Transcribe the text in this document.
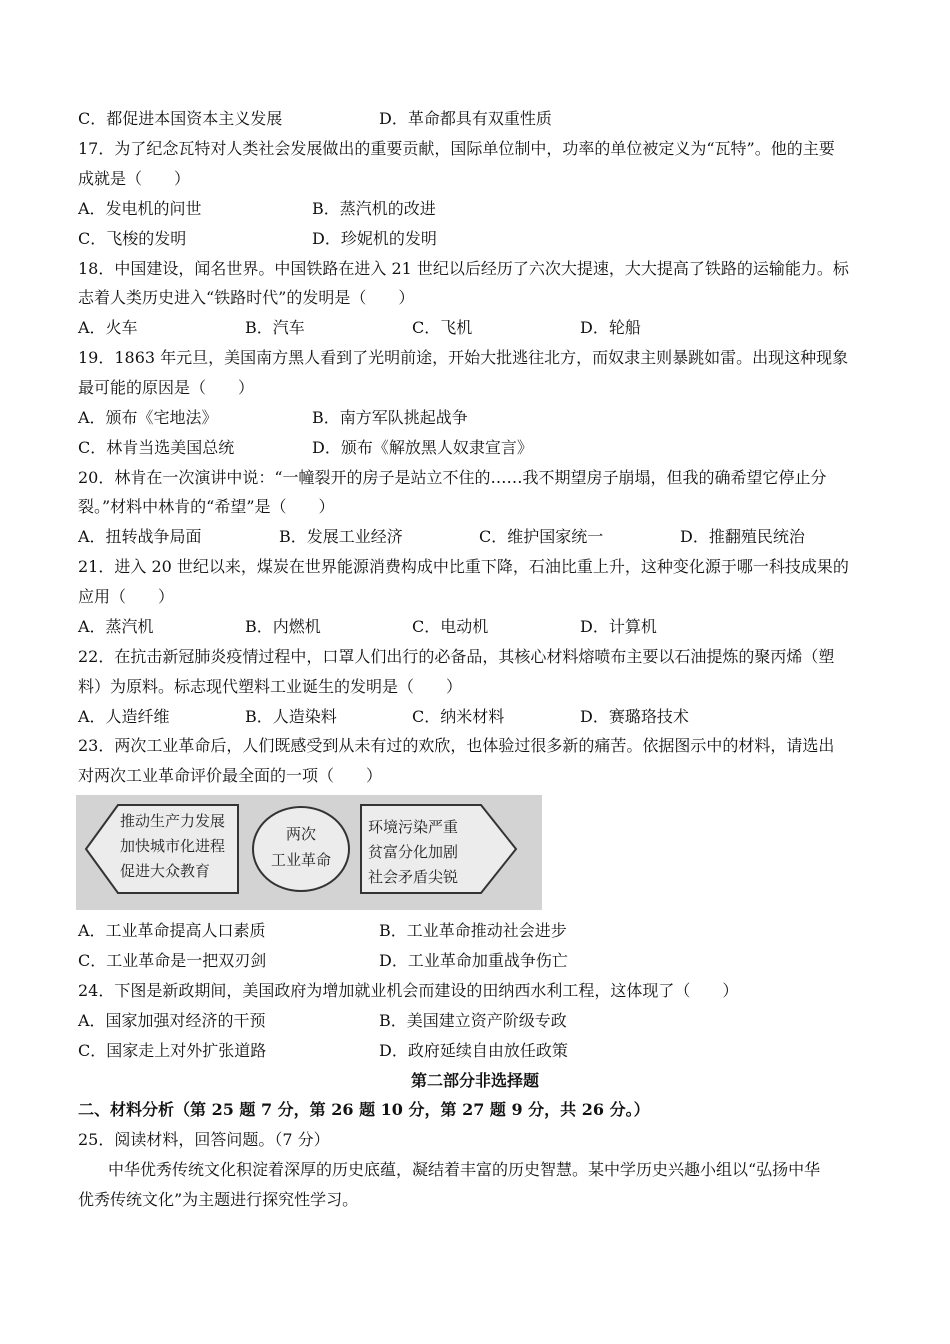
C．都促进本国资本主义发展	D．革命都具有双重性质
17．为了纪念瓦特对人类社会发展做出的重要贡献，国际单位制中，功率的单位被定义为“瓦特”。他的主要
成就是（　　）
A．发电机的问世	B．蒸汽机的改进
C．飞梭的发明	D．珍妮机的发明
18．中国建设，闻名世界。中国铁路在进入 21 世纪以后经历了六次大提速，大大提高了铁路的运输能力。标
志着人类历史进入“铁路时代”的发明是（　　）
A．火车	B．汽车	C．飞机	D．轮船
19．1863 年元旦，美国南方黑人看到了光明前途，开始大批逃往北方，而奴隶主则暴跳如雷。出现这种现象
最可能的原因是（　　）
A．颁布《宅地法》	B．南方军队挑起战争
C．林肯当选美国总统	D．颁布《解放黑人奴隶宣言》
20．林肯在一次演讲中说：“一幢裂开的房子是站立不住的……我不期望房子崩塌，但我的确希望它停止分
裂。”材料中林肯的“希望”是（　　）
A．扭转战争局面	B．发展工业经济	C．维护国家统一	D．推翻殖民统治
21．进入 20 世纪以来，煤炭在世界能源消费构成中比重下降，石油比重上升，这种变化源于哪一科技成果的
应用（　　）
A．蒸汽机	B．内燃机	C．电动机	D．计算机
22．在抗击新冠肺炎疫情过程中，口罩人们出行的必备品，其核心材料熔喷布主要以石油提炼的聚丙烯（塑
料）为原料。标志现代塑料工业诞生的发明是（　　）
A．人造纤维	B．人造染料	C．纳米材料	D．赛璐珞技术
23．两次工业革命后，人们既感受到从未有过的欢欣，也体验过很多新的痛苦。依据图示中的材料，请选出
对两次工业革命评价最全面的一项（　　）
推动生产力发展
加快城市化进程
促进大众教育
两次
工业革命
环境污染严重
贫富分化加剧
社会矛盾尖锐
A．工业革命提高人口素质	B．工业革命推动社会进步
C．工业革命是一把双刃剑	D．工业革命加重战争伤亡
24．下图是新政期间，美国政府为增加就业机会而建设的田纳西水利工程，这体现了（　　）
A．国家加强对经济的干预	B．美国建立资产阶级专政
C．国家走上对外扩张道路	D．政府延续自由放任政策
第二部分非选择题
二、材料分析（第 25 题 7 分，第 26 题 10 分，第 27 题 9 分，共 26 分。）
25．阅读材料，回答问题。（7 分）
中华优秀传统文化积淀着深厚的历史底蕴，凝结着丰富的历史智慧。某中学历史兴趣小组以“弘扬中华
优秀传统文化”为主题进行探究性学习。
